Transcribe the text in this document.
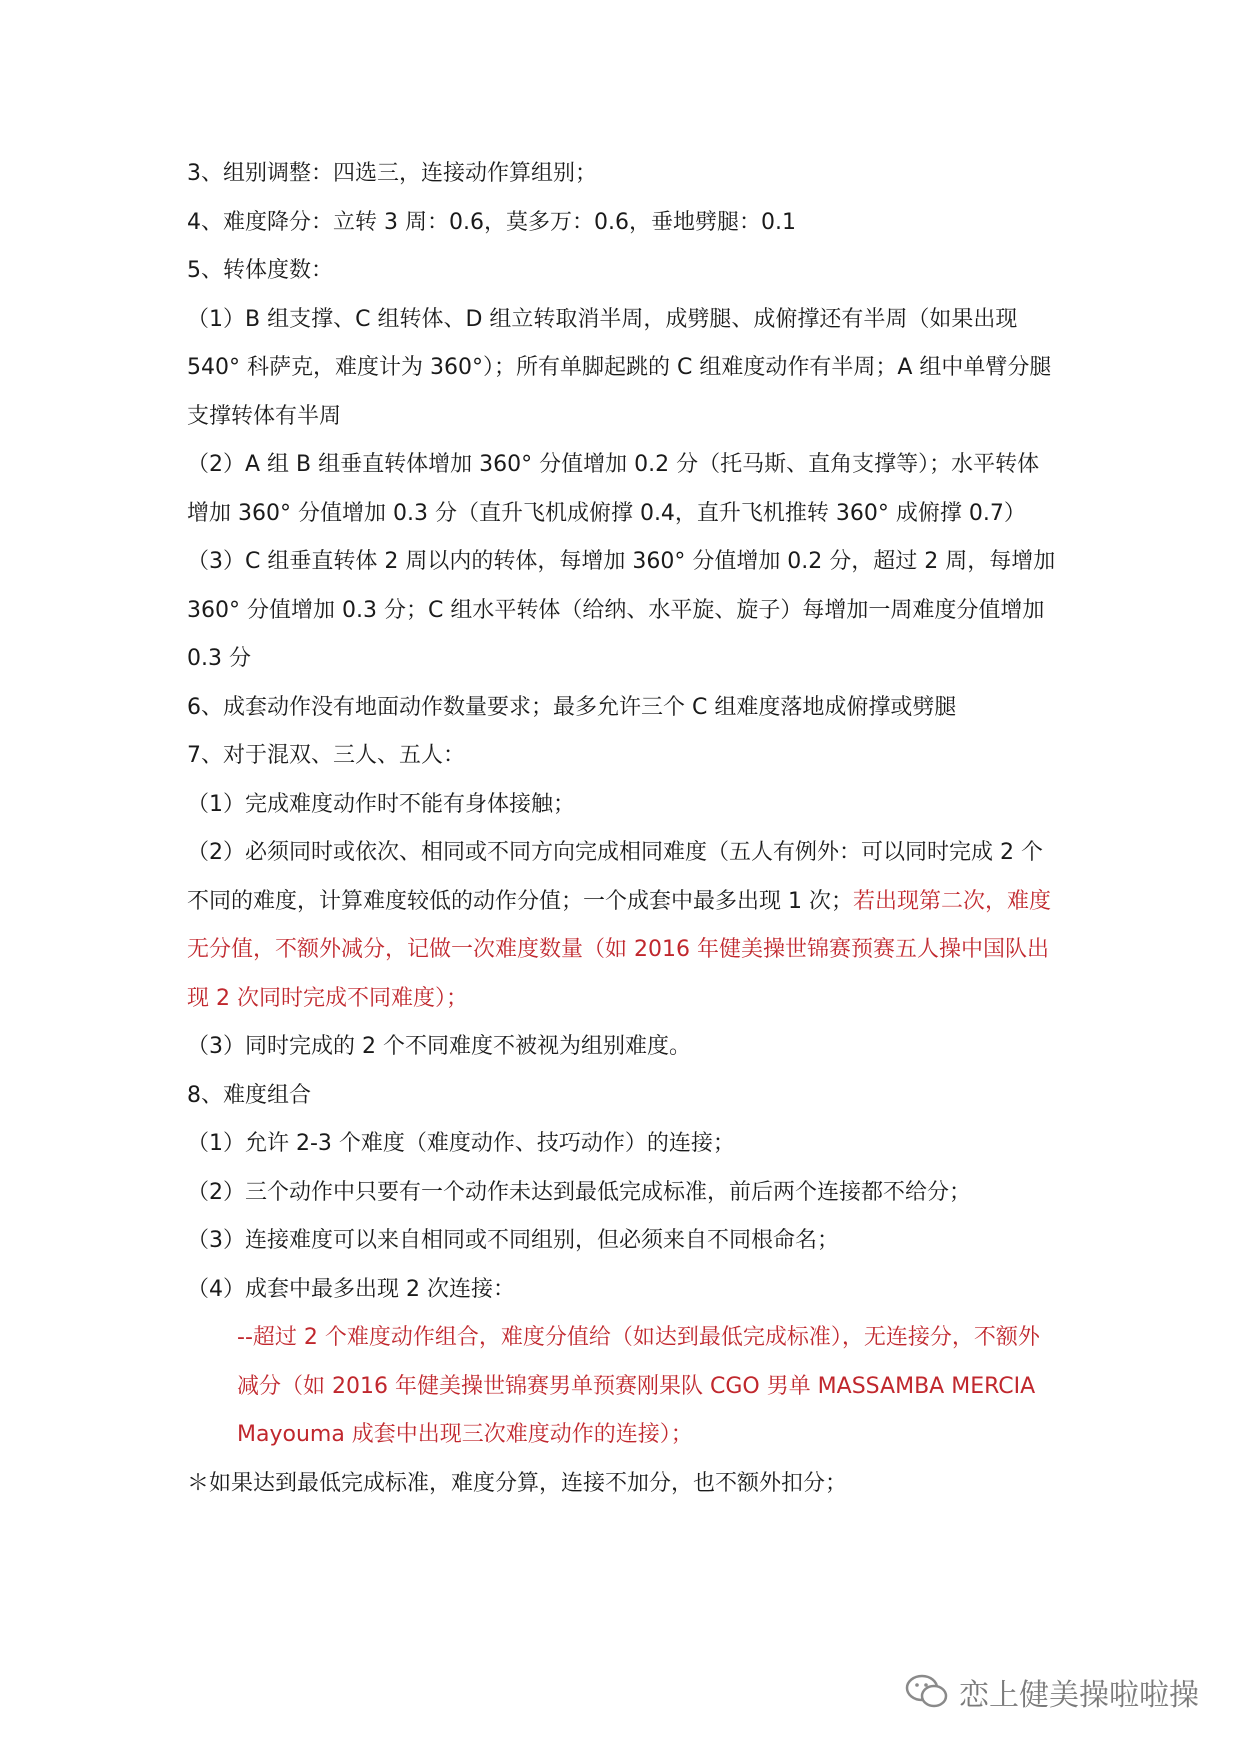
3、组别调整：四选三，连接动作算组别；

4、难度降分：立转 3 周：0.6，莫多万：0.6，垂地劈腿：0.1

5、转体度数：

（1）B 组支撑、C 组转体、D 组立转取消半周，成劈腿、成俯撑还有半周（如果出现 540° 科萨克，难度计为 360°）；所有单脚起跳的 C 组难度动作有半周；A 组中单臂分腿支撑转体有半周

（2）A 组 B 组垂直转体增加 360° 分值增加 0.2 分（托马斯、直角支撑等）；水平转体增加 360° 分值增加 0.3 分（直升飞机成俯撑 0.4，直升飞机推转 360° 成俯撑 0.7）

（3）C 组垂直转体 2 周以内的转体，每增加 360° 分值增加 0.2 分，超过 2 周，每增加 360° 分值增加 0.3 分；C 组水平转体（给纳、水平旋、旋子）每增加一周难度分值增加 0.3 分

6、成套动作没有地面动作数量要求；最多允许三个 C 组难度落地成俯撑或劈腿

7、对于混双、三人、五人：

（1）完成难度动作时不能有身体接触；

（2）必须同时或依次、相同或不同方向完成相同难度（五人有例外：可以同时完成 2 个不同的难度，计算难度较低的动作分值；一个成套中最多出现 1 次；若出现第二次，难度无分值，不额外减分，记做一次难度数量（如 2016 年健美操世锦赛预赛五人操中国队出现 2 次同时完成不同难度）；

（3）同时完成的 2 个不同难度不被视为组别难度。

8、难度组合

（1）允许 2-3 个难度（难度动作、技巧动作）的连接；

（2）三个动作中只要有一个动作未达到最低完成标准，前后两个连接都不给分；

（3）连接难度可以来自相同或不同组别，但必须来自不同根命名；

（4）成套中最多出现 2 次连接：

--超过 2 个难度动作组合，难度分值给（如达到最低完成标准），无连接分，不额外减分（如 2016 年健美操世锦赛男单预赛刚果队 CGO 男单 MASSAMBA MERCIA Mayouma 成套中出现三次难度动作的连接）；

＊如果达到最低完成标准，难度分算，连接不加分，也不额外扣分；

恋上健美操啦啦操
